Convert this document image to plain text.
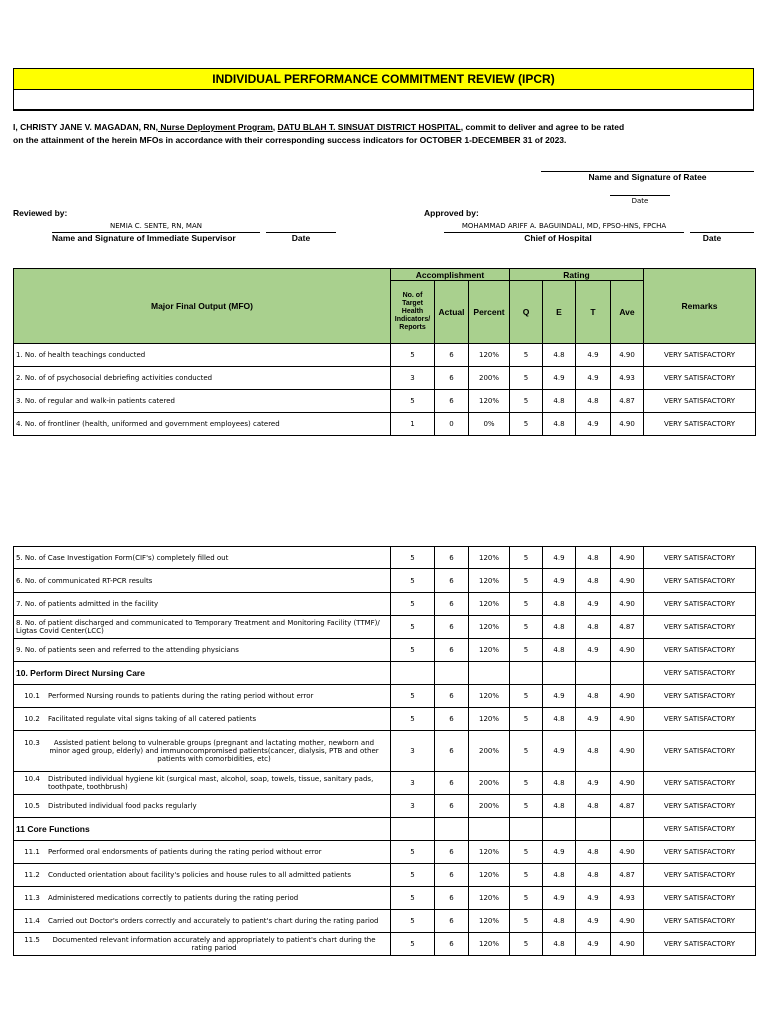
INDIVIDUAL PERFORMANCE COMMITMENT REVIEW (IPCR)
I, CHRISTY JANE V. MAGADAN, RN, Nurse Deployment Program, DATU BLAH T. SINSUAT DISTRICT HOSPITAL, commit to deliver and agree to be rated
on the attainment of the herein MFOs in accordance with their corresponding success indicators for OCTOBER 1-DECEMBER 31 of 2023.
Name and Signature of Ratee
Date
Reviewed by:
NEMIA C. SENTE, RN, MAN
Name and Signature of Immediate Supervisor	Date
Approved by:
MOHAMMAD ARIFF A. BAGUINDALI, MD, FPSO-HNS, FPCHA
Chief of Hospital	Date
Major Final Output (MFO)	Accomplishment			Rating				Remarks
	No. of Target Health Indicators/ Reports	Actual	Percent	Q	E	T	Ave	
1. No. of health teachings conducted	5	6	120%	5	4.8	4.9	4.90	VERY SATISFACTORY
2. No. of of psychosocial debriefing activities conducted	3	6	200%	5	4.9	4.9	4.93	VERY SATISFACTORY
3. No. of regular and walk-in patients catered	5	6	120%	5	4.8	4.8	4.87	VERY SATISFACTORY
4. No. of frontliner (health, uniformed and government employees) catered	1	0	0%	5	4.8	4.9	4.90	VERY SATISFACTORY
5. No. of Case Investigation Form(CIF's) completely filled out	5	6	120%	5	4.9	4.8	4.90	VERY SATISFACTORY
6. No. of communicated RT-PCR results	5	6	120%	5	4.9	4.8	4.90	VERY SATISFACTORY
7. No. of patients admitted in the facility	5	6	120%	5	4.8	4.9	4.90	VERY SATISFACTORY
8. No. of patient discharged and communicated to Temporary Treatment and Monitoring Facility (TTMF)/ Ligtas Covid Center(LCC)	5	6	120%	5	4.8	4.8	4.87	VERY SATISFACTORY
9. No. of patients seen and referred to the attending physicians	5	6	120%	5	4.8	4.9	4.90	VERY SATISFACTORY
10. Perform Direct Nursing Care								VERY SATISFACTORY
10.1 Performed Nursing rounds to patients during the rating period without error	5	6	120%	5	4.9	4.8	4.90	VERY SATISFACTORY
10.2 Facilitated regulate vital signs taking of all catered patients	5	6	120%	5	4.8	4.9	4.90	VERY SATISFACTORY
10.3Assisted patient belong to vulnerable groups (pregnant and lactating mother, newborn and minor aged group, elderly) and immunocompromised patients(cancer, dialysis, PTB and other patients with comorbidities, etc)	3	6	200%	5	4.9	4.8	4.90	VERY SATISFACTORY
10.4 Distributed individual hygiene kit (surgical mast, alcohol, soap, towels, tissue, sanitary pads, toothpate, toothbrush)	3	6	200%	5	4.8	4.9	4.90	VERY SATISFACTORY
10.5 Distributed individual food packs regularly	3	6	200%	5	4.8	4.8	4.87	VERY SATISFACTORY
11 Core Functions								VERY SATISFACTORY
11.1 Performed oral endorsments of patients during the rating period without error	5	6	120%	5	4.9	4.8	4.90	VERY SATISFACTORY
11.2 Conducted orientation about facility's policies and house rules to all admitted patients	5	6	120%	5	4.8	4.8	4.87	VERY SATISFACTORY
11.3 Administered medications correctly to patients during the rating period	5	6	120%	5	4.9	4.9	4.93	VERY SATISFACTORY
11.4 Carried out Doctor's orders correctly and accurately to patient's chart during the rating pariod	5	6	120%	5	4.8	4.9	4.90	VERY SATISFACTORY
11.5 Documented relevant information accurately and appropriately to patient's chart during the rating pariod	5	6	120%	5	4.8	4.9	4.90	VERY SATISFACTORY
